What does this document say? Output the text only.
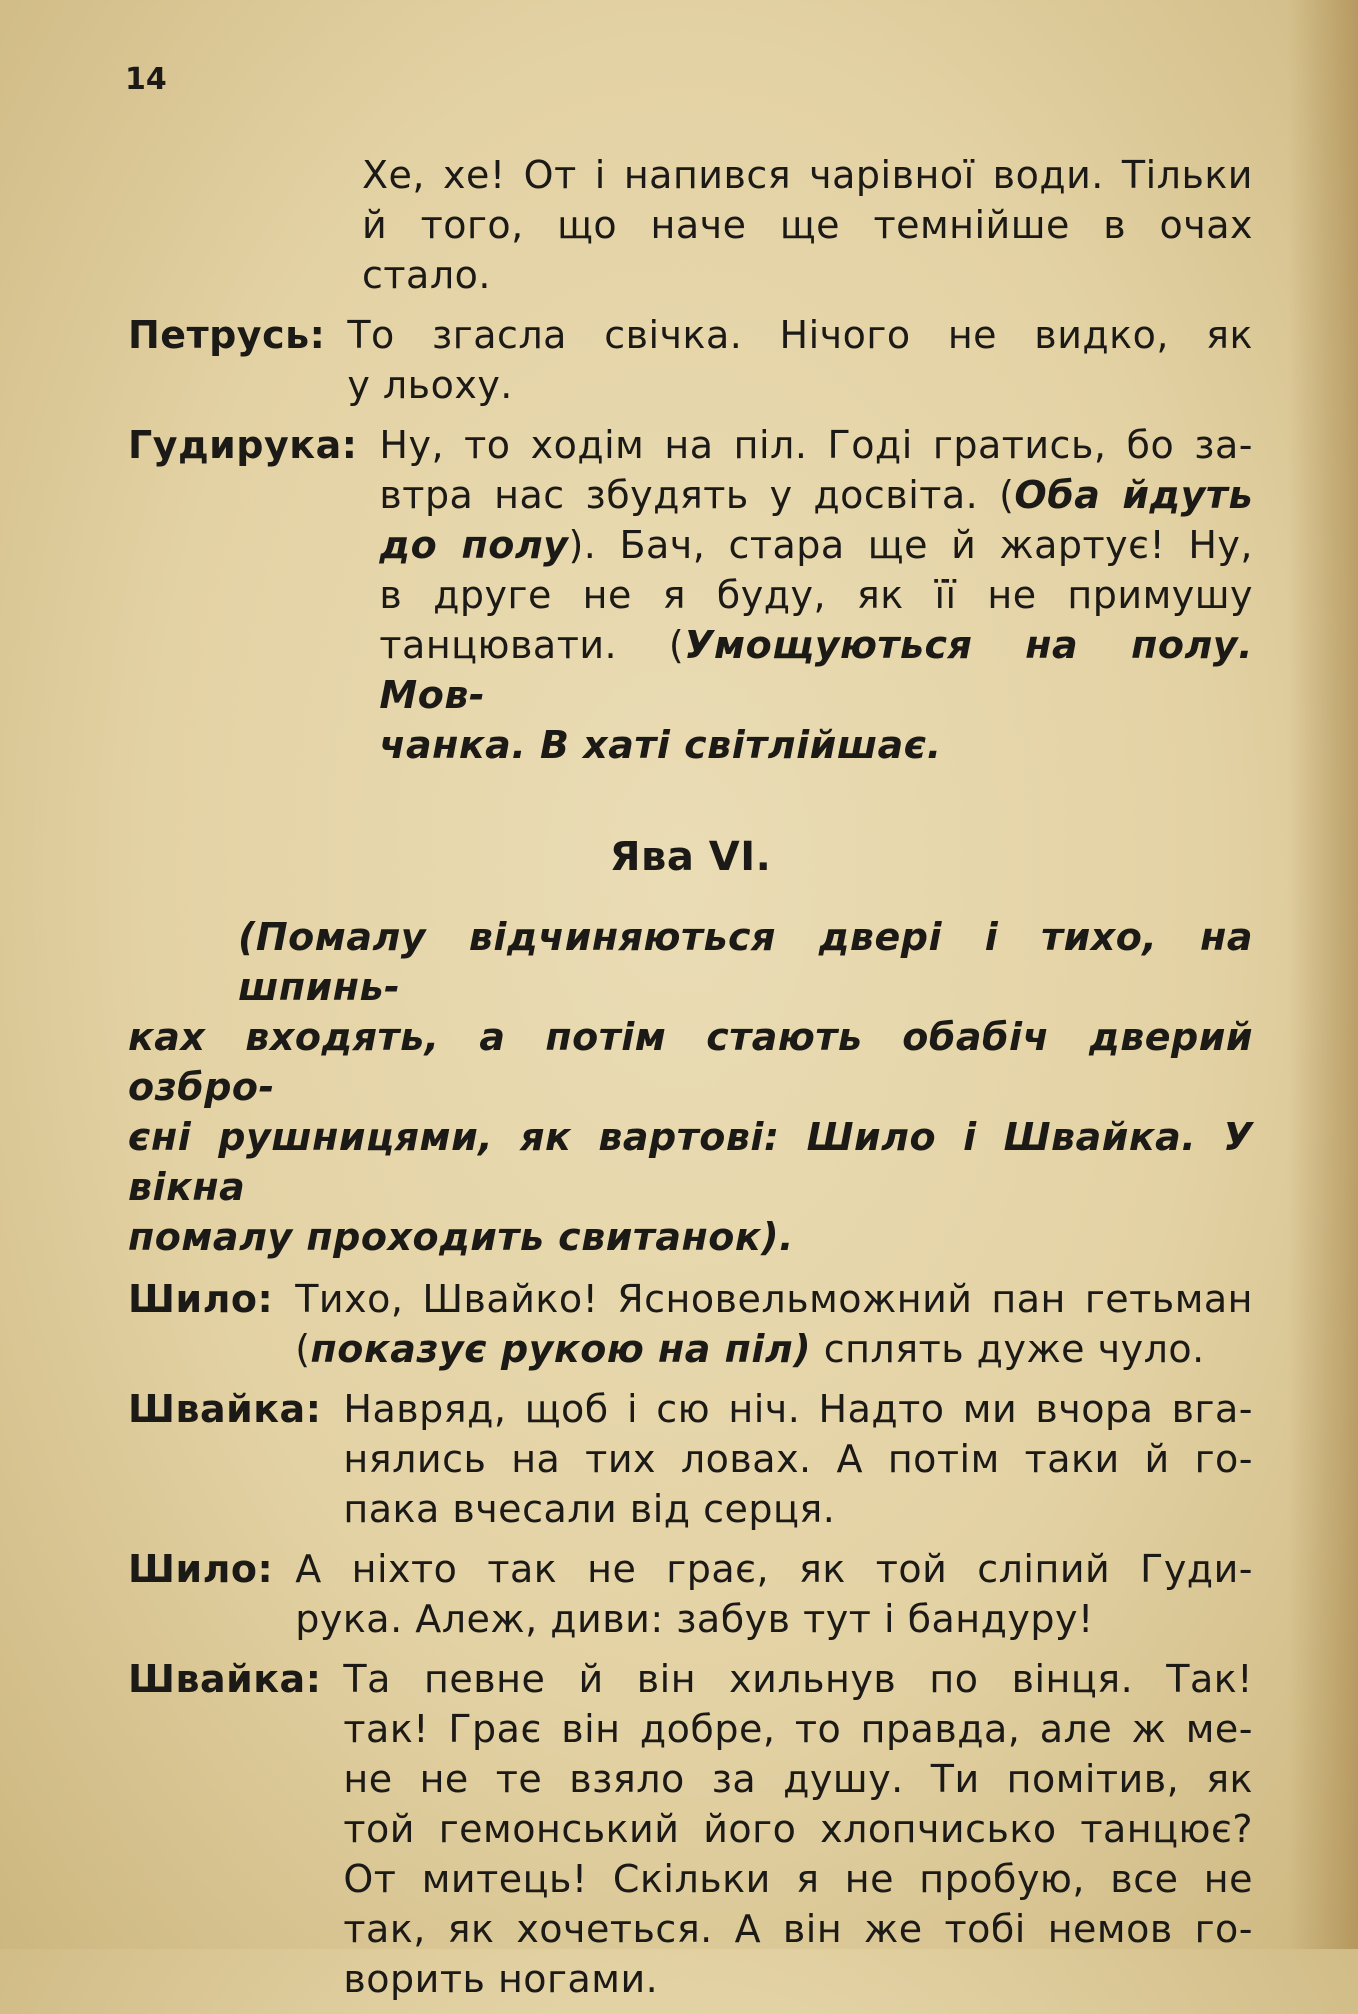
14
Хе, хе! От і напився чарівної води. Тільки
й того, що наче ще темнійше в очах
стало.
Петрусь: То згасла свічка. Нічого не видко, як
у льоху.
Гудирука: Ну, то ходім на піл. Годі гратись, бо за-
втра нас збудять у досвіта. (Оба йдуть
до полу). Бач, стара ще й жартує! Ну,
в друге не я буду, як її не примушу
танцювати. (Умощуються на полу. Мов-
чанка. В хаті світлійшає.
Ява VI.
(Помалу відчиняються двері і тихо, на шпинь-
ках входять, а потім стають обабіч дверий озбро-
єні рушницями, як вартові: Шило і Швайка. У вікна
помалу проходить свитанок).
Шило: Тихо, Швайко! Ясновельможний пан гетьман
(показує рукою на піл) сплять дуже чуло.
Швайка: Навряд, щоб і сю ніч. Надто ми вчора вга-
нялись на тих ловах. А потім таки й го-
пака вчесали від серця.
Шило: А ніхто так не грає, як той сліпий Гуди-
рука. Алеж, диви: забув тут і бандуру!
Швайка: Та певне й він хильнув по вінця. Так!
так! Грає він добре, то правда, але ж ме-
не не те взяло за душу. Ти помітив, як
той гемонський його хлопчисько танцює?
От митець! Скільки я не пробую, все не
так, як хочеться. А він же тобі немов го-
ворить ногами.
